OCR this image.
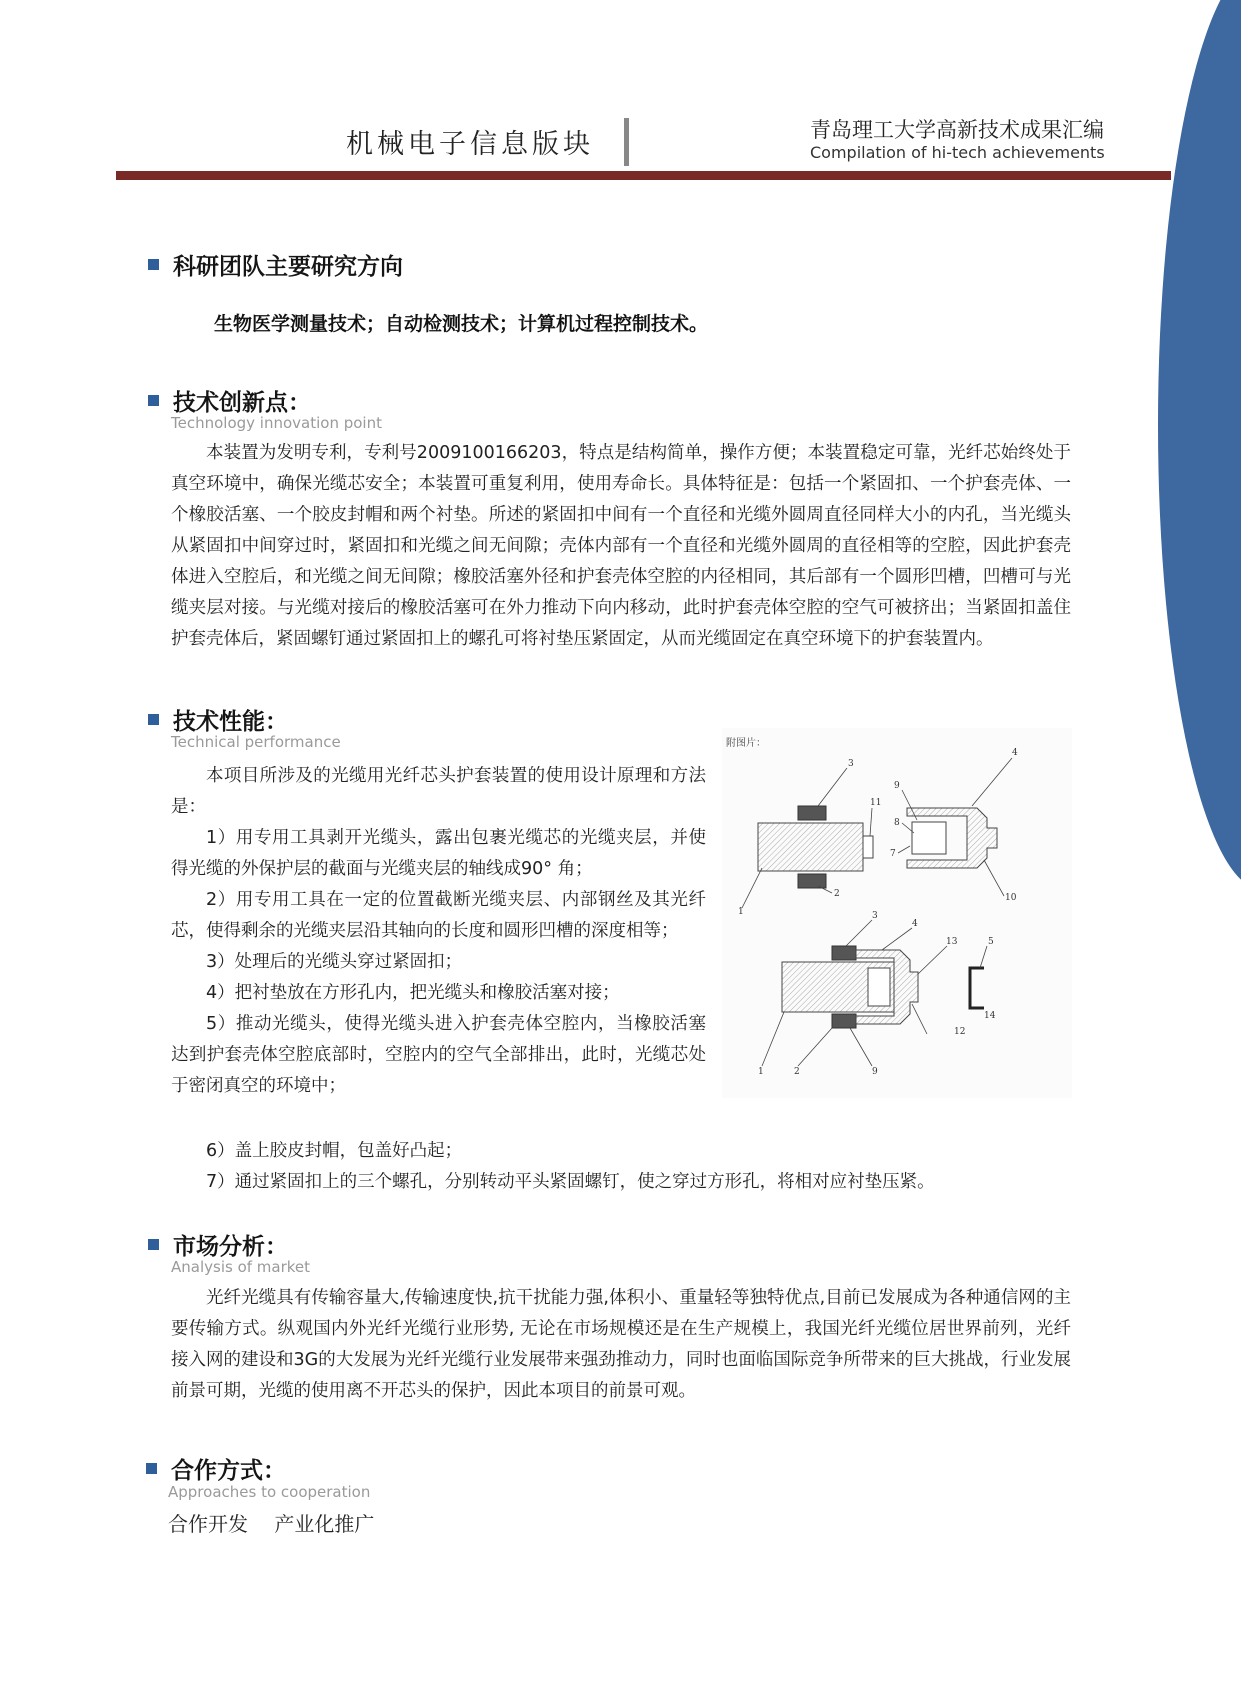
机械电子信息版块	青岛理工大学高新技术成果汇编
Compilation of hi-tech achievements
科研团队主要研究方向
生物医学测量技术；自动检测技术；计算机过程控制技术。
技术创新点：
Technology innovation point

本装置为发明专利，专利号2009100166203，特点是结构简单，操作方便；本装置稳定可靠，光纤芯始终处于真空环境中，确保光缆芯安全；本装置可重复利用，使用寿命长。具体特征是：包括一个紧固扣、一个护套壳体、一个橡胶活塞、一个胶皮封帽和两个衬垫。所述的紧固扣中间有一个直径和光缆外圆周直径同样大小的内孔，当光缆头从紧固扣中间穿过时，紧固扣和光缆之间无间隙；壳体内部有一个直径和光缆外圆周的直径相等的空腔，因此护套壳体进入空腔后，和光缆之间无间隙；橡胶活塞外径和护套壳体空腔的内径相同，其后部有一个圆形凹槽，凹槽可与光缆夹层对接。与光缆对接后的橡胶活塞可在外力推动下向内移动，此时护套壳体空腔的空气可被挤出；当紧固扣盖住护套壳体后，紧固螺钉通过紧固扣上的螺孔可将衬垫压紧固定，从而光缆固定在真空环境下的护套装置内。

技术性能：
Technical performance

本项目所涉及的光缆用光纤芯头护套装置的使用设计原理和方法是：

1）用专用工具剥开光缆头，露出包裹光缆芯的光缆夹层，并使得光缆的外保护层的截面与光缆夹层的轴线成90° 角；

2）用专用工具在一定的位置截断光缆夹层、内部钢丝及其光纤芯，使得剩余的光缆夹层沿其轴向的长度和圆形凹槽的深度相等；

3）处理后的光缆头穿过紧固扣；

4）把衬垫放在方形孔内，把光缆头和橡胶活塞对接；

5）推动光缆头，使得光缆头进入护套壳体空腔内，当橡胶活塞达到护套壳体空腔底部时，空腔内的空气全部排出，此时，光缆芯处于密闭真空的环境中；

6）盖上胶皮封帽，包盖好凸起；

7）通过紧固扣上的三个螺孔，分别转动平头紧固螺钉，使之穿过方形孔，将相对应衬垫压紧。

附图片：
3
11
1
2
9
8
7
4
10
3
4
13	5
14
12
1	2	9
市场分析：
Analysis of market

光纤光缆具有传输容量大,传输速度快,抗干扰能力强,体积小、重量轻等独特优点,目前已发展成为各种通信网的主要传输方式。纵观国内外光纤光缆行业形势, 无论在市场规模还是在生产规模上，我国光纤光缆位居世界前列，光纤接入网的建设和3G的大发展为光纤光缆行业发展带来强劲推动力，同时也面临国际竞争所带来的巨大挑战，行业发展前景可期，光缆的使用离不开芯头的保护，因此本项目的前景可观。

合作方式：
Approaches to cooperation
合作开发 产业化推广
